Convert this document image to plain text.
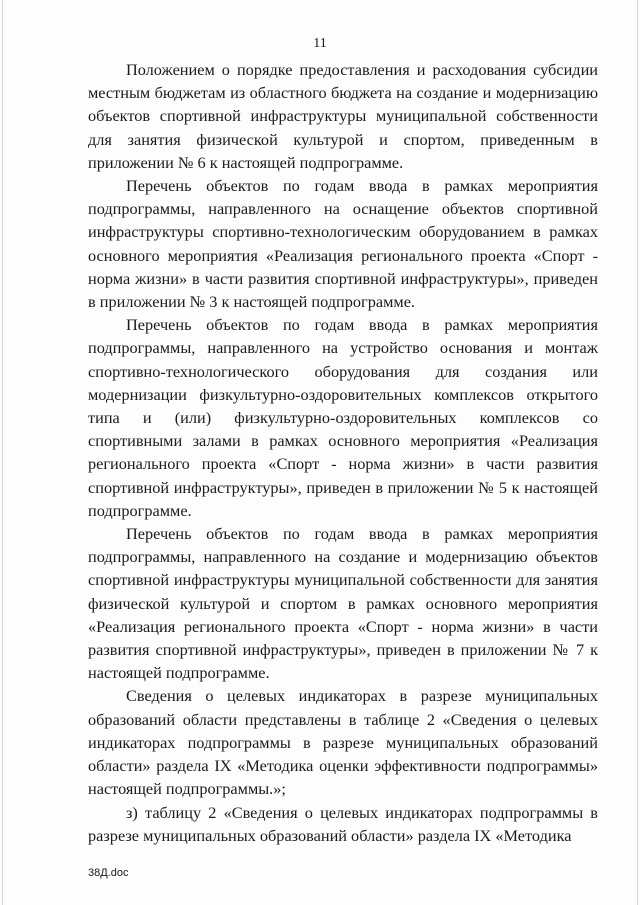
11

Положением о порядке предоставления и расходования субсидии местным бюджетам из областного бюджета на создание и модернизацию объектов спортивной инфраструктуры муниципальной собственности для занятия физической культурой и спортом, приведенным в приложении № 6 к настоящей подпрограмме.

Перечень объектов по годам ввода в рамках мероприятия подпрограммы, направленного на оснащение объектов спортивной инфраструктуры спортивно-технологическим оборудованием в рамках основного мероприятия «Реализация регионального проекта «Спорт - норма жизни» в части развития спортивной инфраструктуры», приведен в приложении № 3 к настоящей подпрограмме.

Перечень объектов по годам ввода в рамках мероприятия подпрограммы, направленного на устройство основания и монтаж спортивно-технологического оборудования для создания или модернизации физкультурно-оздоровительных комплексов открытого типа и (или) физкультурно-оздоровительных комплексов со спортивными залами в рамках основного мероприятия «Реализация регионального проекта «Спорт - норма жизни» в части развития спортивной инфраструктуры», приведен в приложении № 5 к настоящей подпрограмме.

Перечень объектов по годам ввода в рамках мероприятия подпрограммы, направленного на создание и модернизацию объектов спортивной инфраструктуры муниципальной собственности для занятия физической культурой и спортом в рамках основного мероприятия «Реализация регионального проекта «Спорт - норма жизни» в части развития спортивной инфраструктуры», приведен в приложении № 7 к настоящей подпрограмме.

Сведения о целевых индикаторах в разрезе муниципальных образований области представлены в таблице 2 «Сведения о целевых индикаторах подпрограммы в разрезе муниципальных образований области» раздела IX «Методика оценки эффективности подпрограммы» настоящей подпрограммы.»;

з) таблицу 2 «Сведения о целевых индикаторах подпрограммы в разрезе муниципальных образований области» раздела IX «Методика

38Д.doc
